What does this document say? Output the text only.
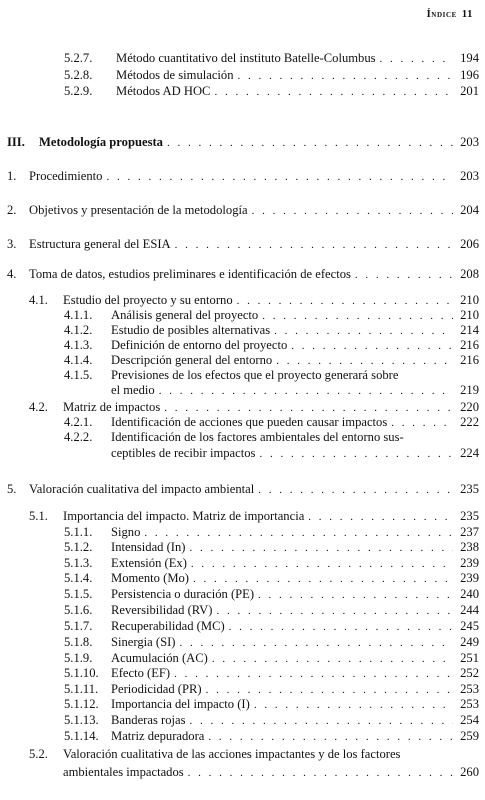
Índice 11
5.2.7.	Método cuantitativo del instituto Batelle-Columbus . . .	194
5.2.8.	Métodos de simulación . . .	196
5.2.9.	Métodos AD HOC . . .	201
III.	Metodología propuesta . . .	203
1. Procedimiento . . .	203
2. Objetivos y presentación de la metodología . . .	204
3. Estructura general del ESIA . . .	206
4. Toma de datos, estudios preliminares e identificación de efectos . . .	208
4.1.	Estudio del proyecto y su entorno . . .	210
4.1.1.	Análisis general del proyecto . . .	210
4.1.2.	Estudio de posibles alternativas . . .	214
4.1.3.	Definición de entorno del proyecto . . .	216
4.1.4.	Descripción general del entorno . . .	216
4.1.5.	Previsiones de los efectos que el proyecto generará sobre
el medio . . .	219
4.2.	Matriz de impactos . . .	220
4.2.1.	Identificación de acciones que pueden causar impactos . . .	222
4.2.2.	Identificación de los factores ambientales del entorno sus-
ceptibles de recibir impactos . . .	224
5. Valoración cualitativa del impacto ambiental . . .	235
5.1.	Importancia del impacto. Matriz de importancia . . .	235
5.1.1.	Signo . . .	237
5.1.2.	Intensidad (In) . . .	238
5.1.3.	Extensión (Ex) . . .	239
5.1.4.	Momento (Mo) . . .	239
5.1.5.	Persistencia o duración (PE) . . .	240
5.1.6.	Reversibilidad (RV) . . .	244
5.1.7.	Recuperabilidad (MC) . . .	245
5.1.8.	Sinergia (SI) . . .	249
5.1.9.	Acumulación (AC) . . .	251
5.1.10. Efecto (EF) . . .	252
5.1.11.	Periodicidad (PR) . . .	253
5.1.12. Importancia del impacto (I) . . .	253
5.1.13. Banderas rojas . . .	254
5.1.14. Matriz depuradora . . .	259
5.2.	Valoración cualitativa de las acciones impactantes y de los factores
ambientales impactados . . .	260
